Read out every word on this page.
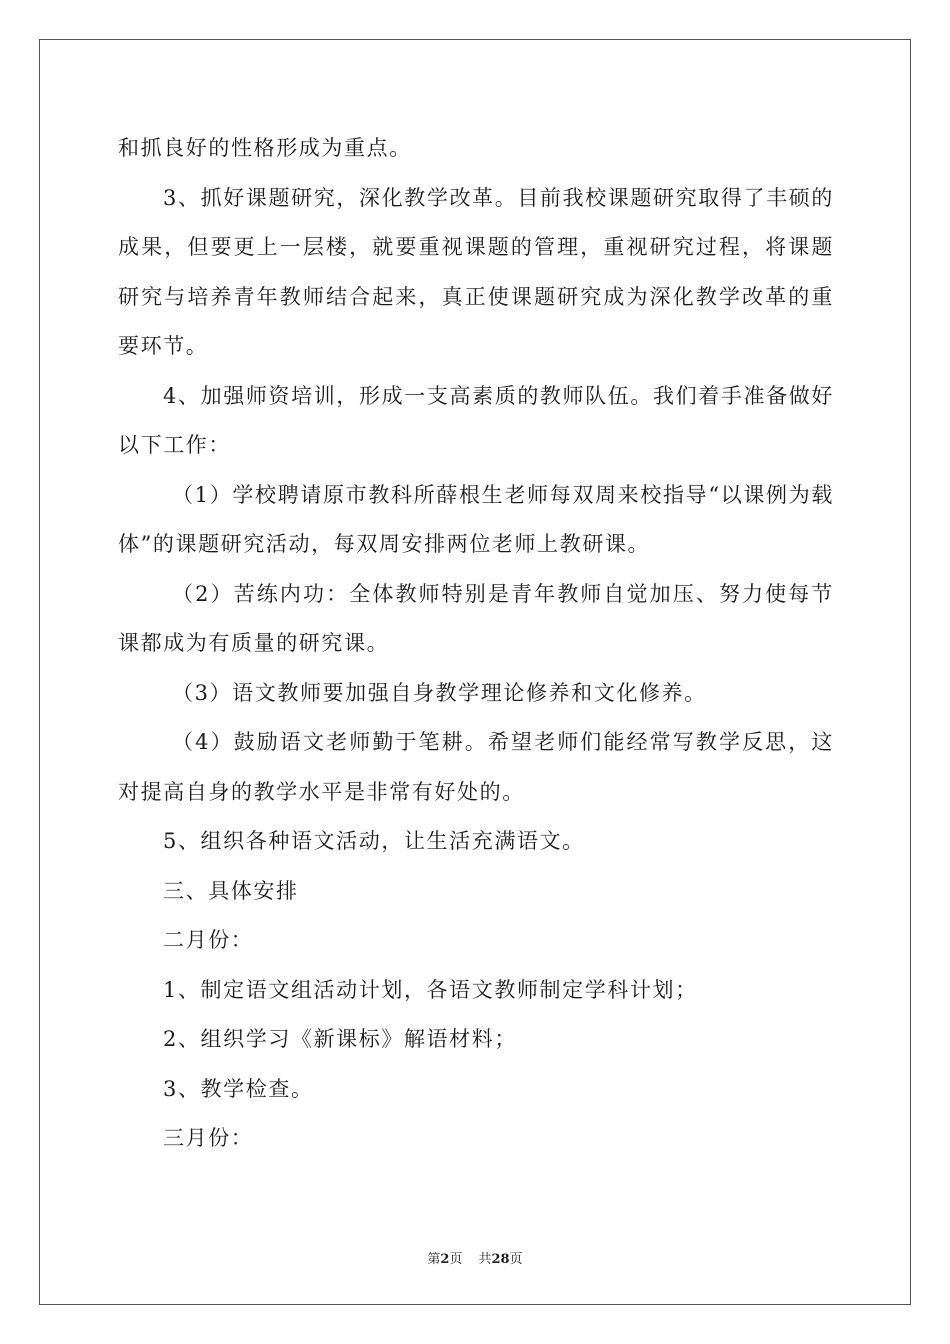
和抓良好的性格形成为重点。

3、抓好课题研究，深化教学改革。目前我校课题研究取得了丰硕的成果，但要更上一层楼，就要重视课题的管理，重视研究过程，将课题研究与培养青年教师结合起来，真正使课题研究成为深化教学改革的重要环节。

4、加强师资培训，形成一支高素质的教师队伍。我们着手准备做好以下工作：

（1）学校聘请原市教科所薛根生老师每双周来校指导“以课例为载体”的课题研究活动，每双周安排两位老师上教研课。

（2）苦练内功：全体教师特别是青年教师自觉加压、努力使每节课都成为有质量的研究课。

（3）语文教师要加强自身教学理论修养和文化修养。

（4）鼓励语文老师勤于笔耕。希望老师们能经常写教学反思，这对提高自身的教学水平是非常有好处的。

5、组织各种语文活动，让生活充满语文。

三、具体安排

二月份：

1、制定语文组活动计划，各语文教师制定学科计划；

2、组织学习《新课标》解语材料；

3、教学检查。

三月份：

第2页 共28页
